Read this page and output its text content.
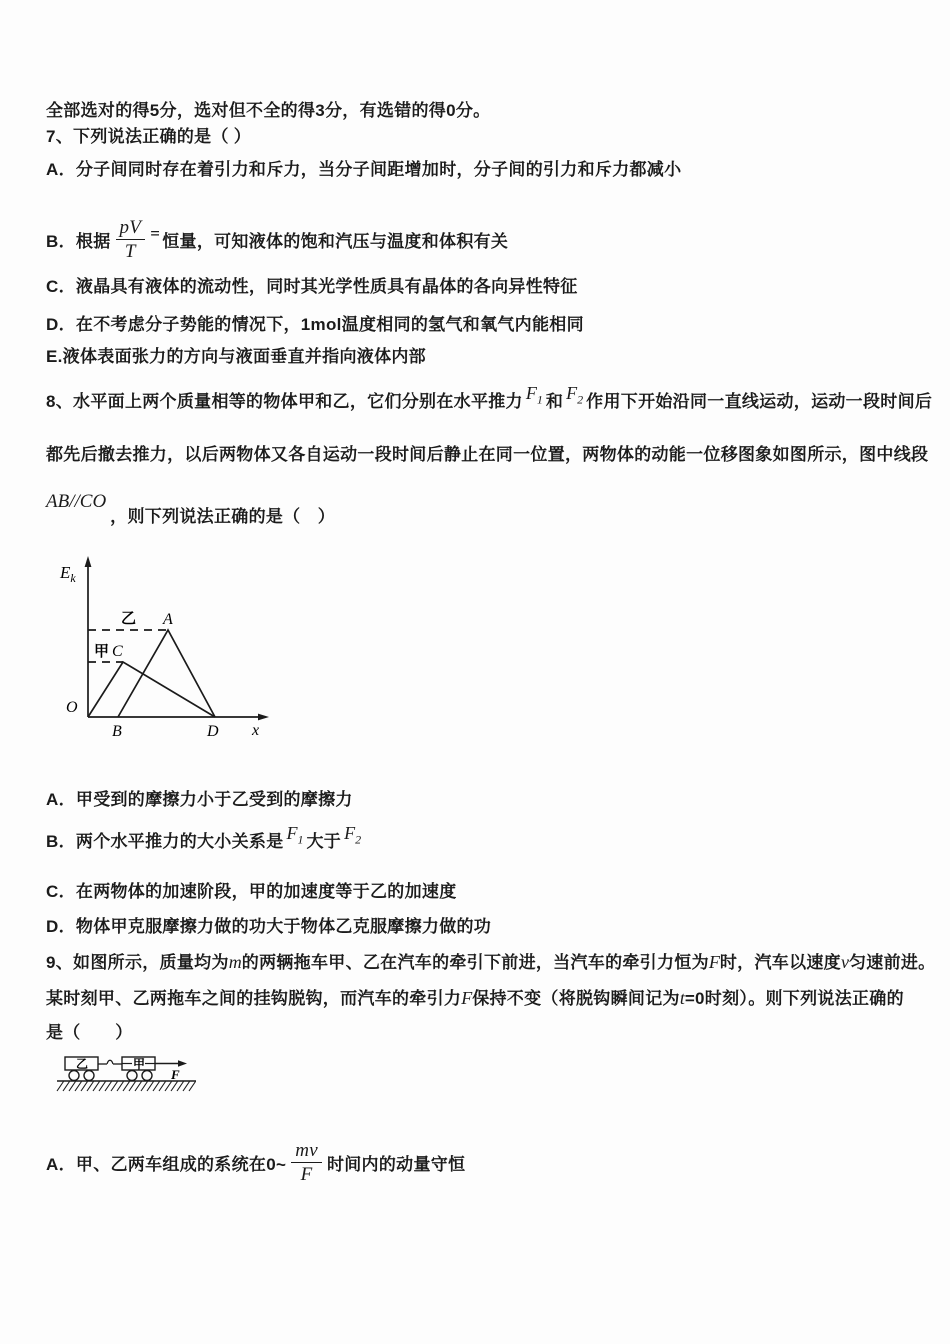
全部选对的得5分，选对但不全的得3分，有选错的得0分。
7、下列说法正确的是（ ）
A．分子间同时存在着引力和斥力，当分子间距增加时，分子间的引力和斥力都减小
B．根据 $\frac{pV}{T}$ = 恒量，可知液体的饱和汽压与温度和体积有关
C．液晶具有液体的流动性，同时其光学性质具有晶体的各向异性特征
D．在不考虑分子势能的情况下，1mol温度相同的氢气和氧气内能相同
E.液体表面张力的方向与液面垂直并指向液体内部
8、水平面上两个质量相等的物体甲和乙，它们分别在水平推力 $F_1$ 和 $F_2$ 作用下开始沿同一直线运动，运动一段时间后
都先后撤去推力，以后两物体又各自运动一段时间后静止在同一位置，两物体的动能一位移图象如图所示，图中线段
AB//CO，则下列说法正确的是（　）
$E_k$
O
A
C
B	D x
甲
乙
A．甲受到的摩擦力小于乙受到的摩擦力
B．两个水平推力的大小关系是 $F_1$ 大于 $F_2$
C．在两物体的加速阶段，甲的加速度等于乙的加速度
D．物体甲克服摩擦力做的功大于物体乙克服摩擦力做的功
9、如图所示，质量均为m的两辆拖车甲、乙在汽车的牵引下前进，当汽车的牵引力恒为F时，汽车以速度v匀速前进。
某时刻甲、乙两拖车之间的挂钩脱钩，而汽车的牵引力F保持不变（将脱钩瞬间记为t=0时刻）。则下列说法正确的
是（　　）
乙	甲
F
A．甲、乙两车组成的系统在0~ $\frac{mv}{F}$ 时间内的动量守恒
